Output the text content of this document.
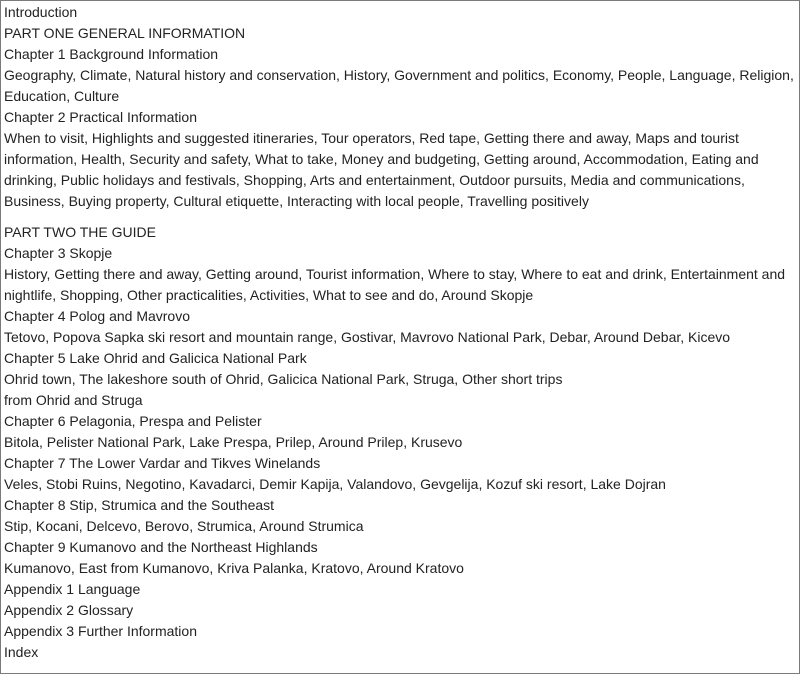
Introduction
PART ONE GENERAL INFORMATION
Chapter 1 Background Information
Geography, Climate, Natural history and conservation, History, Government and politics, Economy, People, Language, Religion, Education, Culture
Chapter 2 Practical Information
When to visit, Highlights and suggested itineraries, Tour operators, Red tape, Getting there and away, Maps and tourist information, Health, Security and safety, What to take, Money and budgeting, Getting around, Accommodation, Eating and drinking, Public holidays and festivals, Shopping, Arts and entertainment, Outdoor pursuits, Media and communications, Business, Buying property, Cultural etiquette, Interacting with local people, Travelling positively
PART TWO THE GUIDE
Chapter 3 Skopje
History, Getting there and away, Getting around, Tourist information, Where to stay, Where to eat and drink, Entertainment and nightlife, Shopping, Other practicalities, Activities, What to see and do, Around Skopje
Chapter 4 Polog and Mavrovo
Tetovo, Popova Sapka ski resort and mountain range, Gostivar, Mavrovo National Park, Debar, Around Debar, Kicevo
Chapter 5 Lake Ohrid and Galicica National Park
Ohrid town, The lakeshore south of Ohrid, Galicica National Park, Struga, Other short trips
from Ohrid and Struga
Chapter 6 Pelagonia, Prespa and Pelister
Bitola, Pelister National Park, Lake Prespa, Prilep, Around Prilep, Krusevo
Chapter 7 The Lower Vardar and Tikves Winelands
Veles, Stobi Ruins, Negotino, Kavadarci, Demir Kapija, Valandovo, Gevgelija, Kozuf ski resort, Lake Dojran
Chapter 8 Stip, Strumica and the Southeast
Stip, Kocani, Delcevo, Berovo, Strumica, Around Strumica
Chapter 9 Kumanovo and the Northeast Highlands
Kumanovo, East from Kumanovo, Kriva Palanka, Kratovo, Around Kratovo
Appendix 1 Language
Appendix 2 Glossary
Appendix 3 Further Information
Index
